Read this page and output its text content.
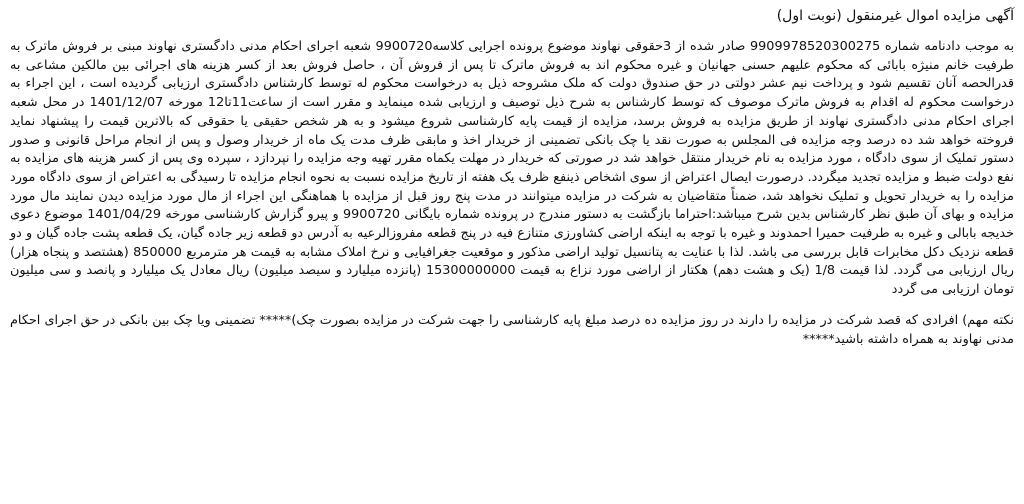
آگهی مزایده اموال غیرمنقول (نوبت اول)

به موجب دادنامه شماره 9909978520300275 صادر شده از 3حقوقی نهاوند موضوع پرونده اجرایی کلاسه9900720 شعبه اجرای احکام مدنی دادگستری نهاوند مبنی بر فروش ماترک به طرفیت خانم منیژه بابائی که محکوم علیهم حسنی جهانیان و غیره محکوم اند به فروش ماترک تا پس از فروش آن ، حاصل فروش بعد از کسر هزینه های اجرائی بین مالکین مشاعی به قدرالحصه آنان تقسیم شود و پرداخت نیم عشر دولتی در حق صندوق دولت که ملک مشروحه ذیل به درخواست محکوم له توسط کارشناس دادگستری ارزیابی گردیده است ، این اجراء به درخواست محکوم له اقدام به فروش ماترک موصوف که توسط کارشناس به شرح ذیل توصیف و ارزیابی شده مینماید و مقرر است از ساعت11تا12 مورخه 1401/12/07 در محل شعبه اجرای احکام مدنی دادگستری نهاوند از طریق مزایده به فروش برسد، مزایده از قیمت پایه کارشناسی شروع میشود و به هر شخص حقیقی یا حقوقی که بالاترین قیمت را پیشنهاد نماید فروخته خواهد شد ده درصد وجه مزایده فی المجلس به صورت نقد یا چک بانکی تضمینی از خریدار اخذ و مابقی ظرف مدت یک ماه از خریدار وصول و پس از انجام مراحل قانونی و صدور دستور تملیک از سوی دادگاه ، مورد مزایده به نام خریدار منتقل خواهد شد در صورتی که خریدار در مهلت یکماه مقرر تهیه وجه مزایده را نپردازد ، سپرده وی پس از کسر هزینه های مزایده به نفع دولت ضبط و مزایده تجدید میگردد. درصورت ایصال اعتراض از سوی اشخاص ذینفع ظرف یک هفته از تاریخ مزایده نسبت به نحوه انجام مزایده تا رسیدگی به اعتراض از سوی دادگاه مورد مزایده را به خریدار تحویل و تملیک نخواهد شد، ضمناً متقاضیان به شرکت در مزایده میتوانند در مدت پنج روز قبل از مزایده با هماهنگی این اجراء از مال مورد مزایده دیدن نمایند مال مورد مزایده و بهای آن طبق نظر کارشناس بدین شرح میباشد:احتراما بازگشت به دستور مندرج در پرونده شماره بایگانی 9900720 و پیرو گزارش کارشناسی مورخه 1401/04/29 موضوع دعوی خدیجه بابالی و غیره به طرفیت حمیرا احمدوند و غیره با توجه به اینکه اراضی کشاورزی متنازع فیه در پنج قطعه مفروزالرعیه به آدرس دو قطعه زیر جاده گیان، یک قطعه پشت جاده گیان و دو قطعه نزدیک دکل مخابرات قابل بررسی می باشد. لذا با عنایت به پتانسیل تولید اراضی مذکور و موقعیت جغرافیایی و نرخ املاک مشابه به قیمت هر مترمربع 850000 (هشتصد و پنجاه هزار) ریال ارزیابی می گردد. لذا قیمت 1/8 (یک و هشت دهم) هکتار از اراضی مورد نزاع به قیمت 15300000000 (پانزده میلیارد و سیصد میلیون) ریال معادل یک میلیارد و پانصد و سی میلیون تومان ارزیابی می گردد

نکته مهم) افرادی که قصد شرکت در مزایده را دارند در روز مزایده ده درصد مبلغ پایه کارشناسی را جهت شرکت در مزایده بصورت چک)***** تضمینی ویا چک بین بانکی در حق اجرای احکام مدنی نهاوند به همراه داشته باشید*****
